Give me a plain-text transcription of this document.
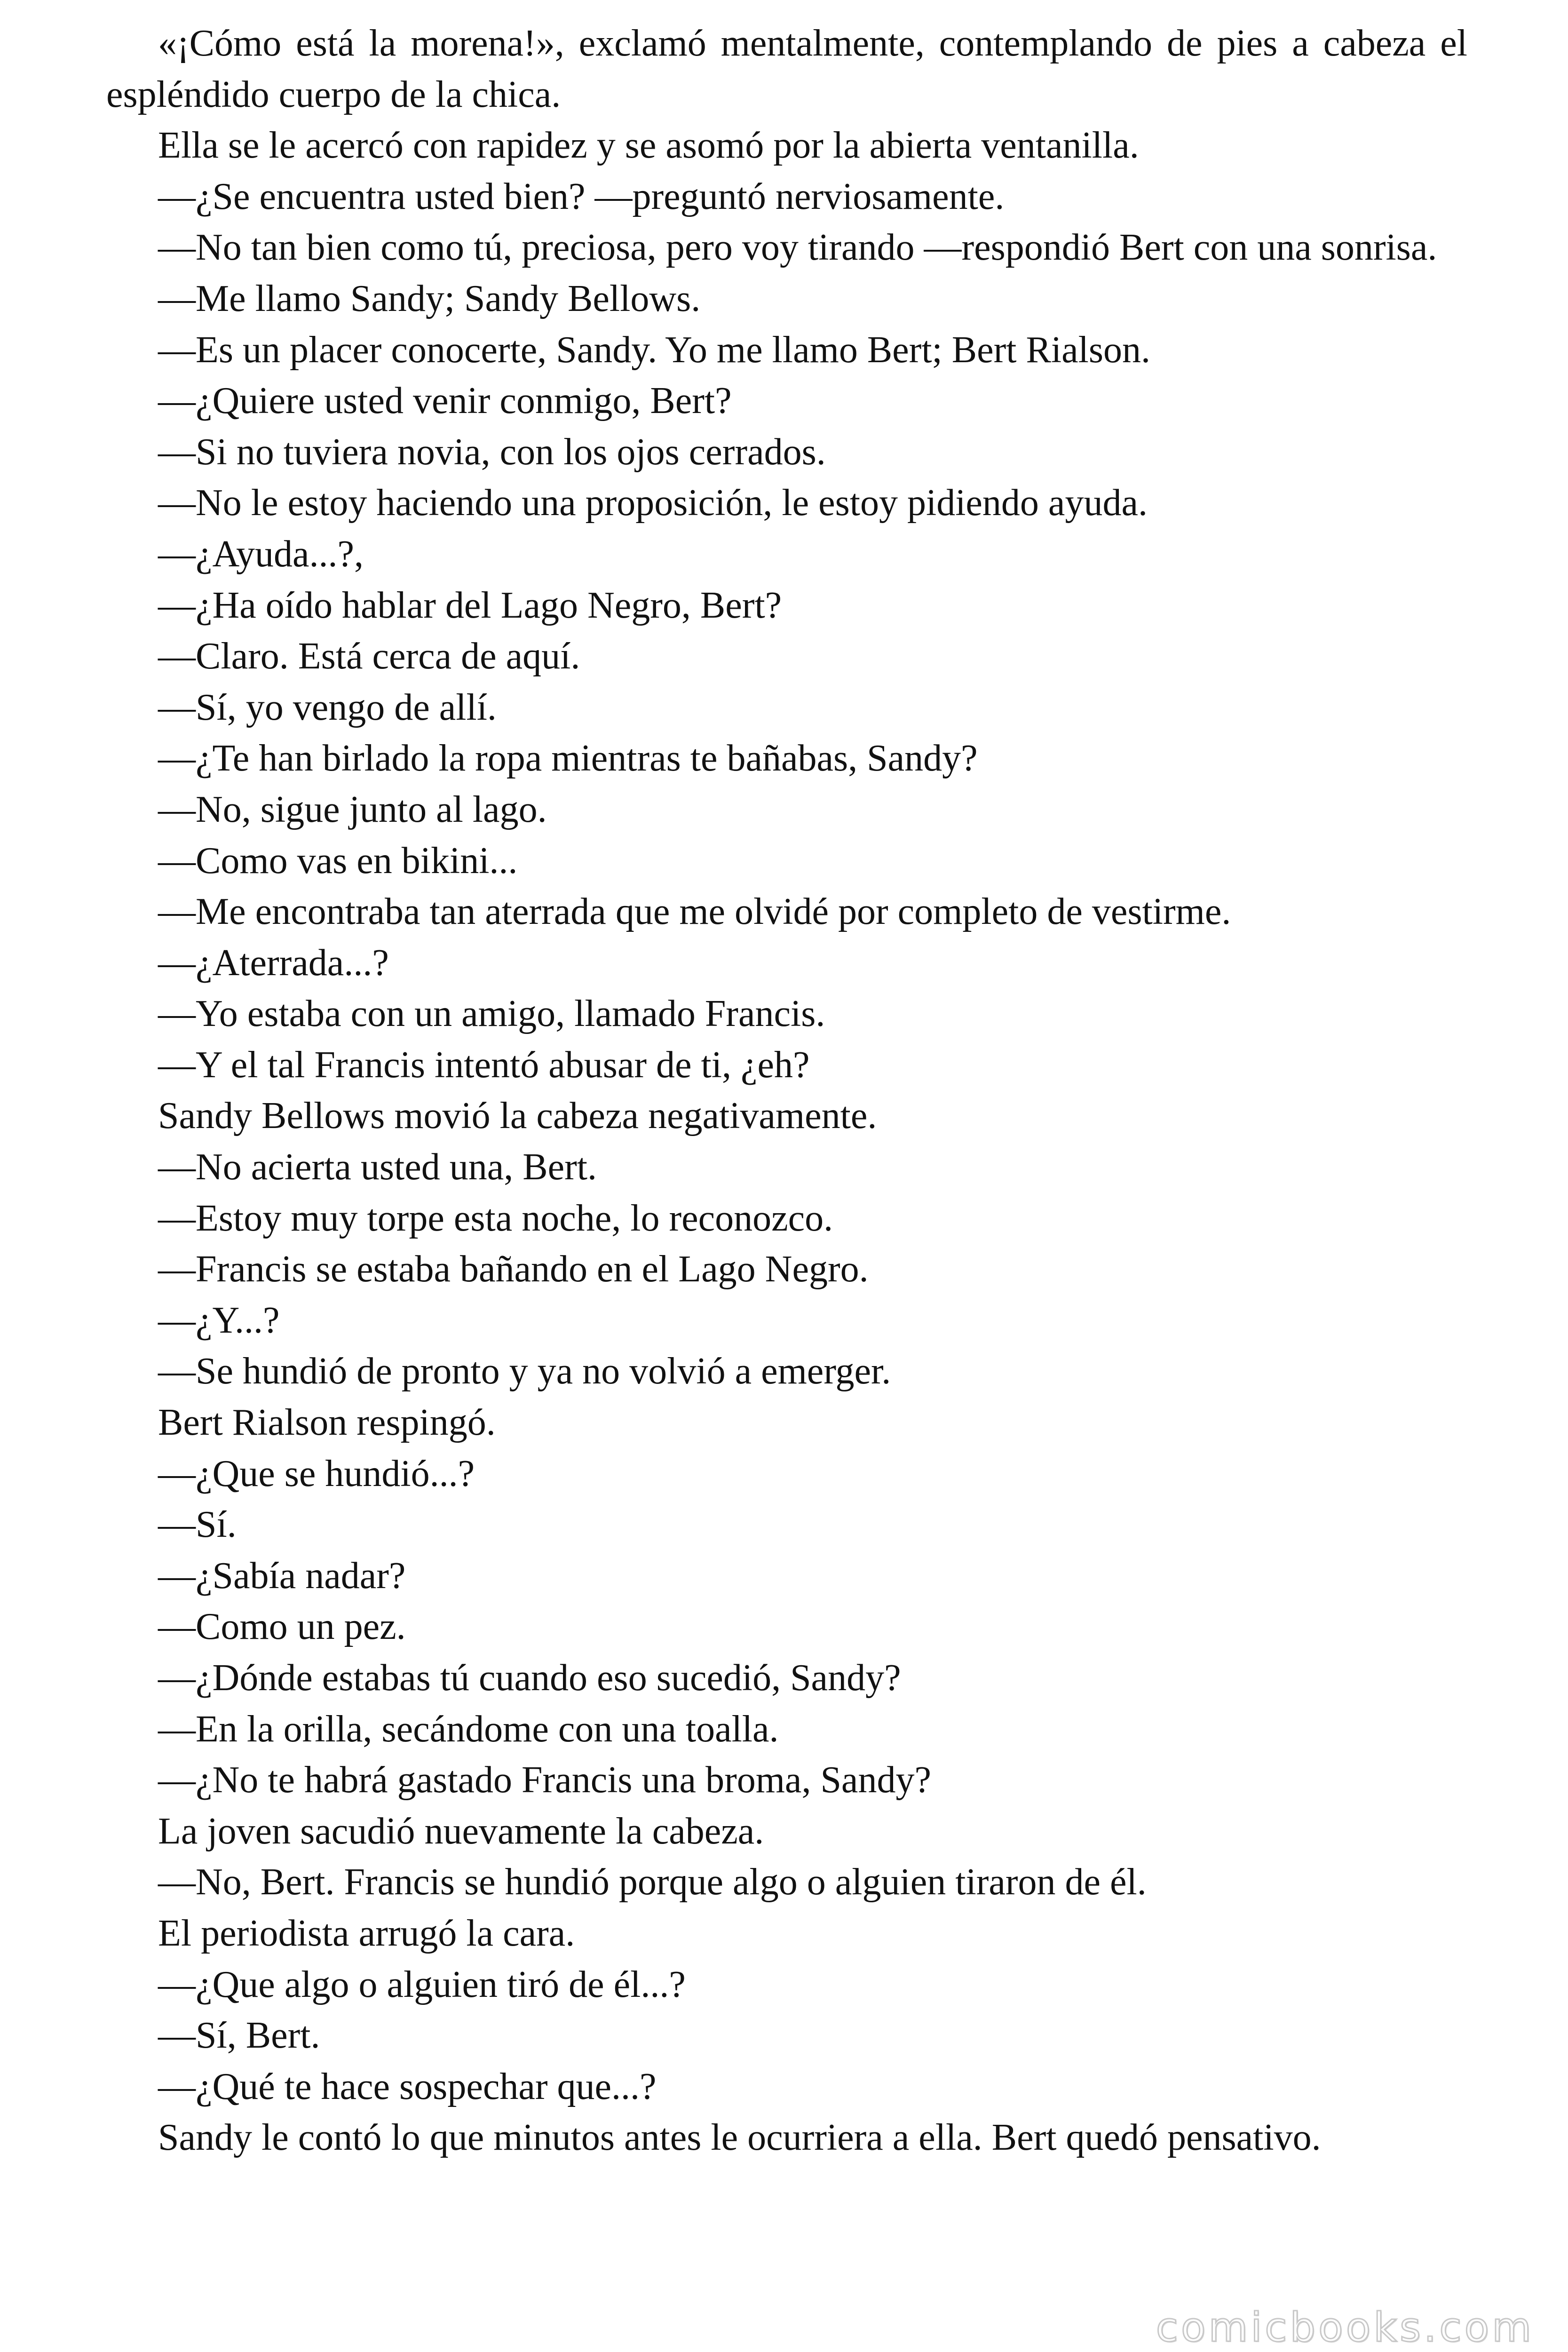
«¡Cómo está la morena!», exclamó mentalmente, contemplando de pies a cabeza el espléndido cuerpo de la chica.

Ella se le acercó con rapidez y se asomó por la abierta ventanilla.

—¿Se encuentra usted bien? —preguntó nerviosamente.

—No tan bien como tú, preciosa, pero voy tirando —respondió Bert con una sonrisa.

—Me llamo Sandy; Sandy Bellows.

—Es un placer conocerte, Sandy. Yo me llamo Bert; Bert Rialson.

—¿Quiere usted venir conmigo, Bert?

—Si no tuviera novia, con los ojos cerrados.

—No le estoy haciendo una proposición, le estoy pidiendo ayuda.

—¿Ayuda...?,

—¿Ha oído hablar del Lago Negro, Bert?

—Claro. Está cerca de aquí.

—Sí, yo vengo de allí.

—¿Te han birlado la ropa mientras te bañabas, Sandy?

—No, sigue junto al lago.

—Como vas en bikini...

—Me encontraba tan aterrada que me olvidé por completo de vestirme.

—¿Aterrada...?

—Yo estaba con un amigo, llamado Francis.

—Y el tal Francis intentó abusar de ti, ¿eh?

Sandy Bellows movió la cabeza negativamente.

—No acierta usted una, Bert.

—Estoy muy torpe esta noche, lo reconozco.

—Francis se estaba bañando en el Lago Negro.

—¿Y...?

—Se hundió de pronto y ya no volvió a emerger.

Bert Rialson respingó.

—¿Que se hundió...?

—Sí.

—¿Sabía nadar?

—Como un pez.

—¿Dónde estabas tú cuando eso sucedió, Sandy?

—En la orilla, secándome con una toalla.

—¿No te habrá gastado Francis una broma, Sandy?

La joven sacudió nuevamente la cabeza.

—No, Bert. Francis se hundió porque algo o alguien tiraron de él.

El periodista arrugó la cara.

—¿Que algo o alguien tiró de él...?

—Sí, Bert.

—¿Qué te hace sospechar que...?

Sandy le contó lo que minutos antes le ocurriera a ella. Bert quedó pensativo.

comicbooks.com
